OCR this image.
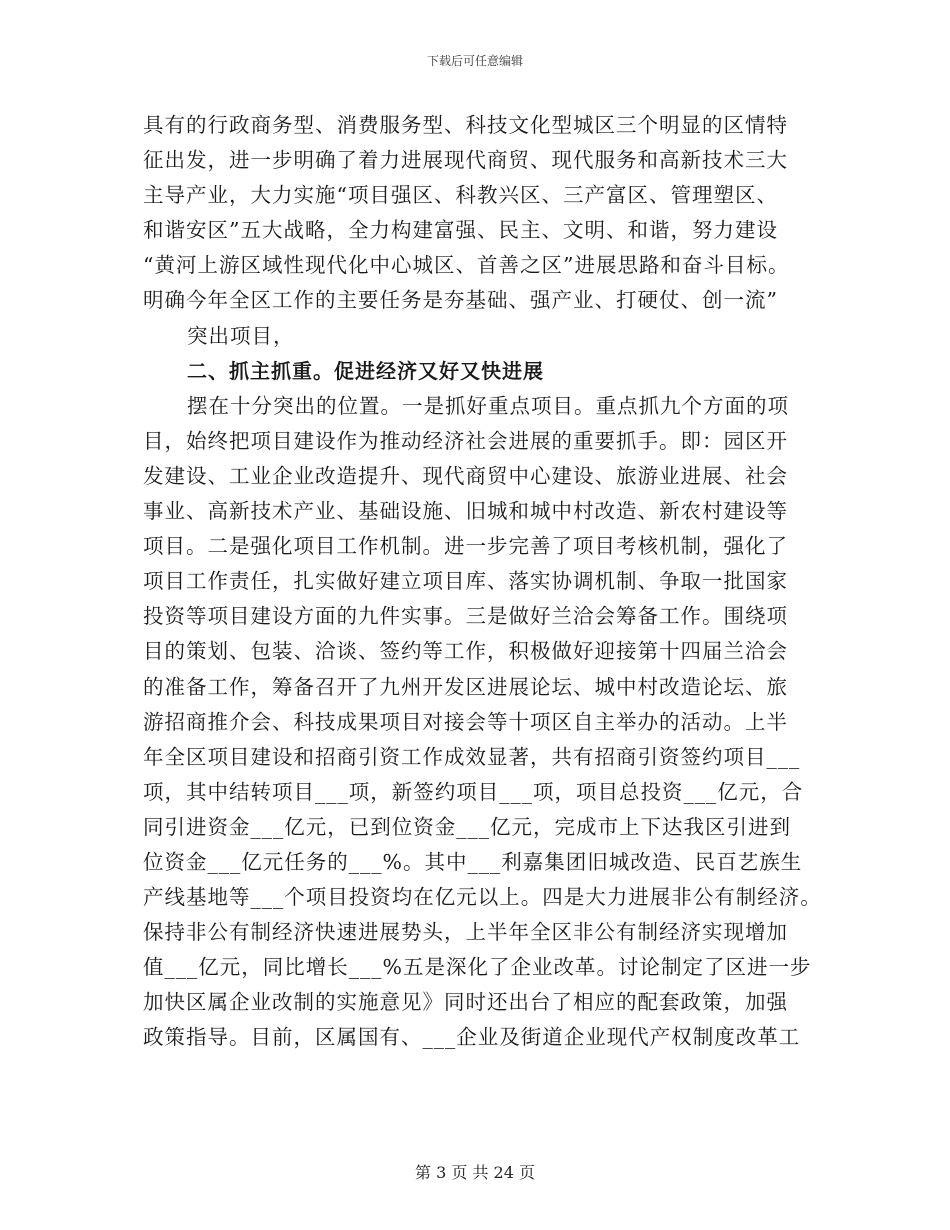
下载后可任意编辑
具有的行政商务型、消费服务型、科技文化型城区三个明显的区情特
征出发，进一步明确了着力进展现代商贸、现代服务和高新技术三大
主导产业，大力实施“项目强区、科教兴区、三产富区、管理塑区、
和谐安区”五大战略，全力构建富强、民主、文明、和谐，努力建设
“黄河上游区域性现代化中心城区、首善之区”进展思路和奋斗目标。
明确今年全区工作的主要任务是夯基础、强产业、打硬仗、创一流”
突出项目，
二、抓主抓重。促进经济又好又快进展
摆在十分突出的位置。一是抓好重点项目。重点抓九个方面的项
目，始终把项目建设作为推动经济社会进展的重要抓手。即：园区开
发建设、工业企业改造提升、现代商贸中心建设、旅游业进展、社会
事业、高新技术产业、基础设施、旧城和城中村改造、新农村建设等
项目。二是强化项目工作机制。进一步完善了项目考核机制，强化了
项目工作责任，扎实做好建立项目库、落实协调机制、争取一批国家
投资等项目建设方面的九件实事。三是做好兰洽会筹备工作。围绕项
目的策划、包装、洽谈、签约等工作，积极做好迎接第十四届兰洽会
的准备工作，筹备召开了九州开发区进展论坛、城中村改造论坛、旅
游招商推介会、科技成果项目对接会等十项区自主举办的活动。上半
年全区项目建设和招商引资工作成效显著，共有招商引资签约项目___
项，其中结转项目___项，新签约项目___项，项目总投资___亿元，合
同引进资金___亿元，已到位资金___亿元，完成市上下达我区引进到
位资金___亿元任务的___%。其中___利嘉集团旧城改造、民百艺族生
产线基地等___个项目投资均在亿元以上。四是大力进展非公有制经济。
保持非公有制经济快速进展势头，上半年全区非公有制经济实现增加
值___亿元，同比增长___%五是深化了企业改革。讨论制定了区进一步
加快区属企业改制的实施意见》同时还出台了相应的配套政策，加强
政策指导。目前，区属国有、___企业及街道企业现代产权制度改革工
第 3 页 共 24 页
